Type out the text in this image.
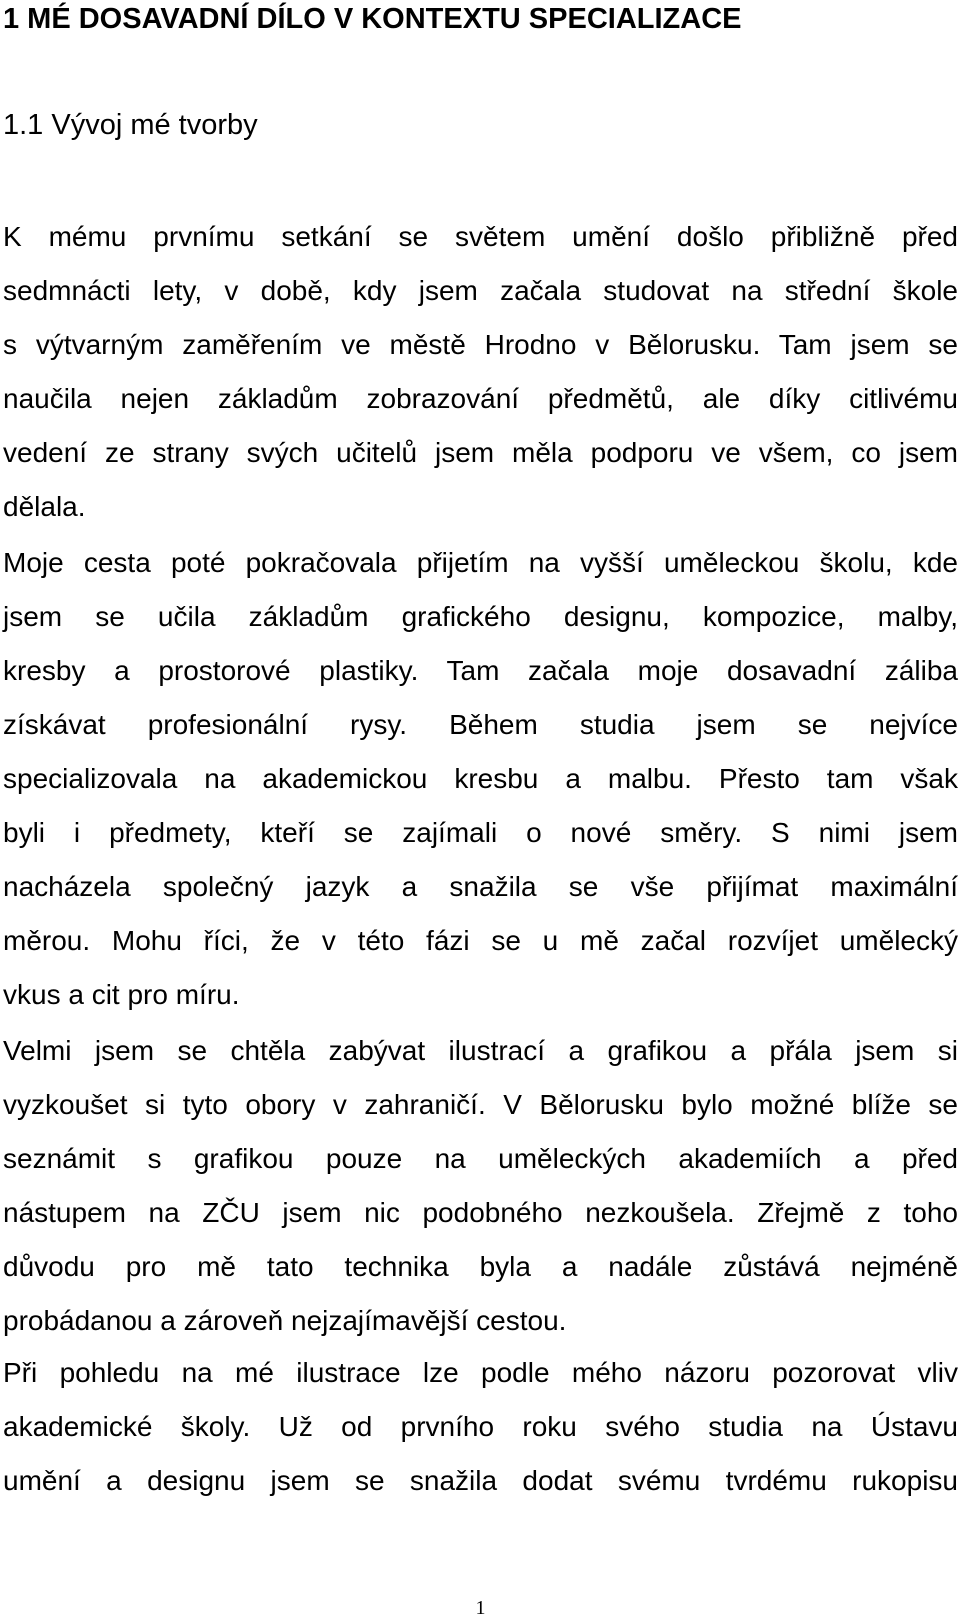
1 MÉ DOSAVADNÍ DÍLO V KONTEXTU SPECIALIZACE
1.1 Vývoj mé tvorby
K mému prvnímu setkání se světem umění došlo přibližně před
sedmnácti lety, v době, kdy jsem začala studovat na střední škole
s výtvarným zaměřením ve městě Hrodno v Bělorusku. Tam jsem se
naučila nejen základům zobrazování předmětů, ale díky citlivému
vedení ze strany svých učitelů jsem měla podporu ve všem, co jsem
dělala.
Moje cesta poté pokračovala přijetím na vyšší uměleckou školu, kde
jsem se učila základům grafického designu, kompozice, malby,
kresby a prostorové plastiky. Tam začala moje dosavadní záliba
získávat profesionální rysy. Během studia jsem se nejvíce
specializovala na akademickou kresbu a malbu. Přesto tam však
byli i předmety, kteří se zajímali o nové směry. S nimi jsem
nacházela společný jazyk a snažila se vše přijímat maximální
měrou. Mohu říci, že v této fázi se u mě začal rozvíjet umělecký
vkus a cit pro míru.
Velmi jsem se chtěla zabývat ilustrací a grafikou a přála jsem si
vyzkoušet si tyto obory v zahraničí. V Bělorusku bylo možné blíže se
seznámit s grafikou pouze na uměleckých akademiích a před
nástupem na ZČU jsem nic podobného nezkoušela. Zřejmě z toho
důvodu pro mě tato technika byla a nadále zůstává nejméně
probádanou a zároveň nejzajímavější cestou.
Při pohledu na mé ilustrace lze podle mého názoru pozorovat vliv
akademické školy. Už od prvního roku svého studia na Ústavu
umění a designu jsem se snažila dodat svému tvrdému rukopisu
1
